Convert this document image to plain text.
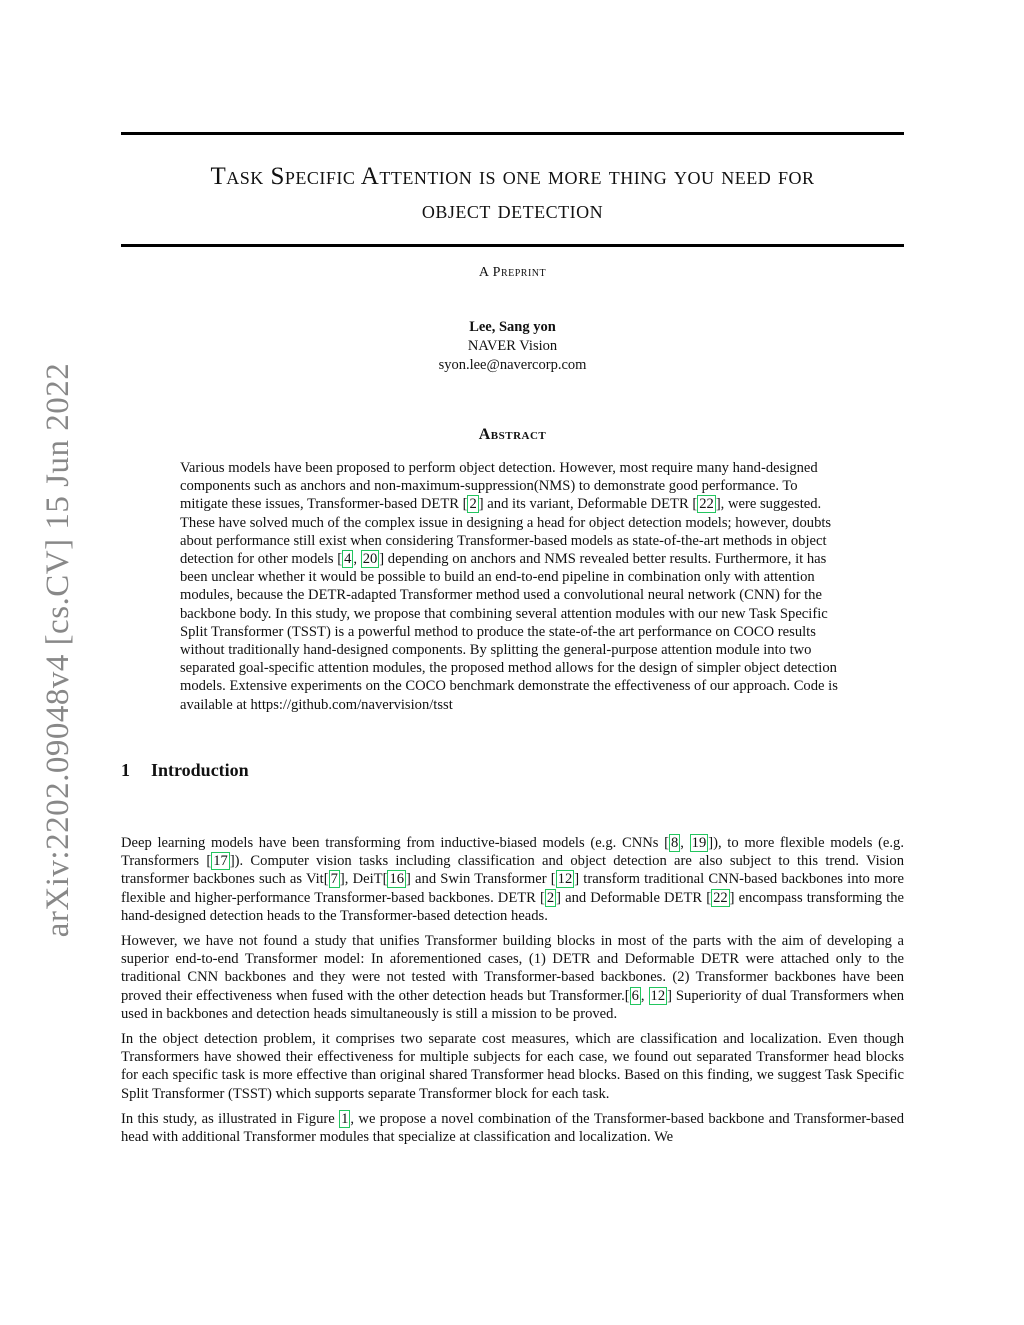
arXiv:2202.09048v4 [cs.CV] 15 Jun 2022
Task Specific Attention is one more thing you need for
object detection
A Preprint
Lee, Sang yon
NAVER Vision
syon.lee@navercorp.com
Abstract

Various models have been proposed to perform object detection. However, most require many hand-designed components such as anchors and non-maximum-suppression(NMS) to demonstrate good performance. To mitigate these issues, Transformer-based DETR [ 2 ] and its variant, Deformable DETR [ 22 ], were suggested. These have solved much of the complex issue in designing a head for object detection models; however, doubts about performance still exist when considering Transformer-based models as state-of-the-art methods in object detection for other models [ 4 , 20 ] depending on anchors and NMS revealed better results. Furthermore, it has been unclear whether it would be possible to build an end-to-end pipeline in combination only with attention modules, because the DETR-adapted Transformer method used a convolutional neural network (CNN) for the backbone body. In this study, we propose that combining several attention modules with our new Task Specific Split Transformer (TSST) is a powerful method to produce the state-of-the art performance on COCO results without traditionally hand-designed components. By splitting the general-purpose attention module into two separated goal-specific attention modules, the proposed method allows for the design of simpler object detection models. Extensive experiments on the COCO benchmark demonstrate the effectiveness of our approach. Code is available at https://github.com/navervision/tsst

1 Introduction

Deep learning models have been transforming from inductive-biased models (e.g. CNNs [ 8 , 19 ]), to more flexible models (e.g. Transformers [ 17 ]). Computer vision tasks including classification and object detection are also subject to this trend. Vision transformer backbones such as Vit[ 7 ], DeiT[ 16 ] and Swin Transformer [ 12 ] transform traditional CNN-based backbones into more flexible and higher-performance Transformer-based backbones. DETR [ 2 ] and Deformable DETR [ 22 ] encompass transforming the hand-designed detection heads to the Transformer-based detection heads.

However, we have not found a study that unifies Transformer building blocks in most of the parts with the aim of developing a superior end-to-end Transformer model: In aforementioned cases, (1) DETR and Deformable DETR were attached only to the traditional CNN backbones and they were not tested with Transformer-based backbones. (2) Transformer backbones have been proved their effectiveness when fused with the other detection heads but Transformer.[ 6 , 12 ] Superiority of dual Transformers when used in backbones and detection heads simultaneously is still a mission to be proved.

In the object detection problem, it comprises two separate cost measures, which are classification and localization. Even though Transformers have showed their effectiveness for multiple subjects for each case, we found out separated Transformer head blocks for each specific task is more effective than original shared Transformer head blocks. Based on this finding, we suggest Task Specific Split Transformer (TSST) which supports separate Transformer block for each task.

In this study, as illustrated in Figure 1 , we propose a novel combination of the Transformer-based backbone and Transformer-based head with additional Transformer modules that specialize at classification and localization. We
